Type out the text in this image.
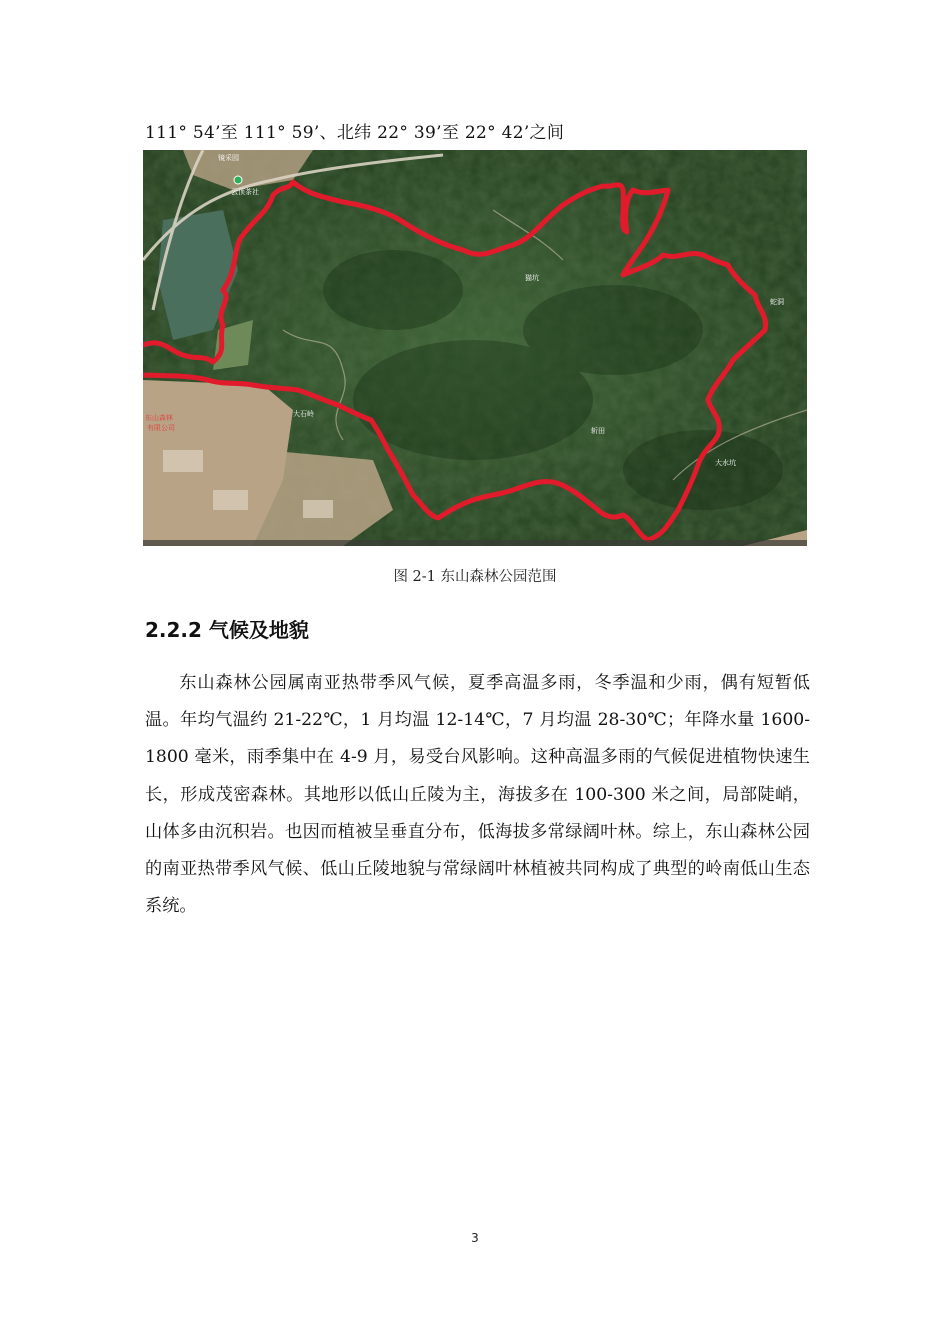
111° 54’至 111° 59’、北纬 22° 39’至 22° 42’之间
镜采园
云顶茶社
猫坑
蛇洞
大石岭
斩田
大水坑
东山森林
有限公司
图 2-1 东山森林公园范围
2.2.2 气候及地貌
东山森林公园属南亚热带季风气候，夏季高温多雨，冬季温和少雨，偶有短暂低温。年均气温约 21-22℃，1 月均温 12-14℃，7 月均温 28-30℃；年降水量 1600-1800 毫米，雨季集中在 4-9 月，易受台风影响。这种高温多雨的气候促进植物快速生长，形成茂密森林。其地形以低山丘陵为主，海拔多在 100-300 米之间，局部陡峭，山体多由沉积岩。也因而植被呈垂直分布，低海拔多常绿阔叶林。综上，东山森林公园的南亚热带季风气候、低山丘陵地貌与常绿阔叶林植被共同构成了典型的岭南低山生态系统。
3
